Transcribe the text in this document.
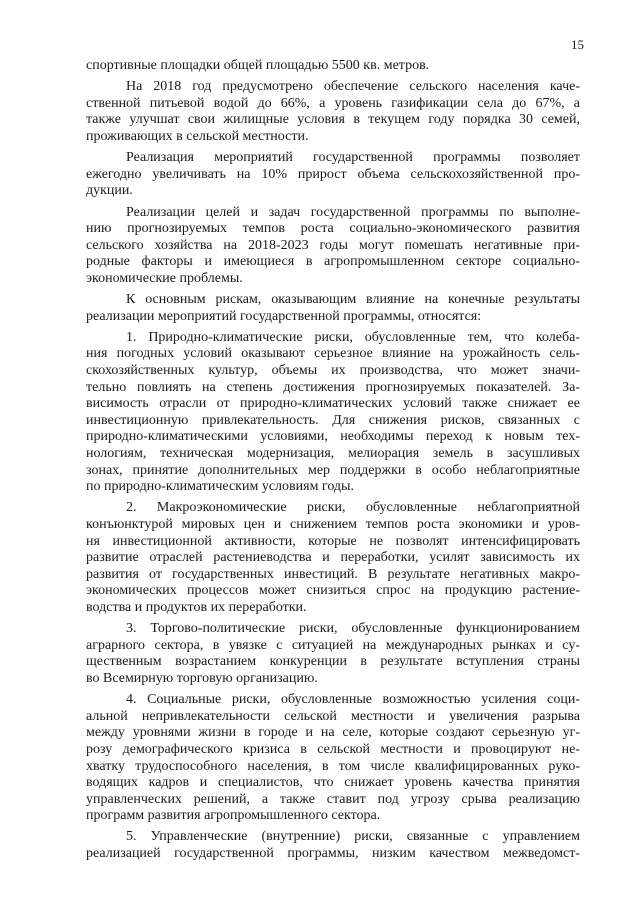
15
спортивные площадки общей площадью 5500 кв. метров.
На 2018 год предусмотрено обеспечение сельского населения каче-
ственной питьевой водой до 66%, а уровень газификации села до 67%, а
также улучшат свои жилищные условия в текущем году порядка 30 семей,
проживающих в сельской местности.
Реализация мероприятий государственной программы позволяет
ежегодно увеличивать на 10% прирост объема сельскохозяйственной про-
дукции.
Реализации целей и задач государственной программы по выполне-
нию прогнозируемых темпов роста социально-экономического развития
сельского хозяйства на 2018-2023 годы могут помешать негативные при-
родные факторы и имеющиеся в агропромышленном секторе социально-
экономические проблемы.
К основным рискам, оказывающим влияние на конечные результаты
реализации мероприятий государственной программы, относятся:
1. Природно-климатические риски, обусловленные тем, что колеба-
ния погодных условий оказывают серьезное влияние на урожайность сель-
скохозяйственных культур, объемы их производства, что может значи-
тельно повлиять на степень достижения прогнозируемых показателей. За-
висимость отрасли от природно-климатических условий также снижает ее
инвестиционную привлекательность. Для снижения рисков, связанных с
природно-климатическими условиями, необходимы переход к новым тех-
нологиям, техническая модернизация, мелиорация земель в засушливых
зонах, принятие дополнительных мер поддержки в особо неблагоприятные
по природно-климатическим условиям годы.
2. Макроэкономические риски, обусловленные неблагоприятной
конъюнктурой мировых цен и снижением темпов роста экономики и уров-
ня инвестиционной активности, которые не позволят интенсифицировать
развитие отраслей растениеводства и переработки, усилят зависимость их
развития от государственных инвестиций. В результате негативных макро-
экономических процессов может снизиться спрос на продукцию растение-
водства и продуктов их переработки.
3. Торгово-политические риски, обусловленные функционированием
аграрного сектора, в увязке с ситуацией на международных рынках и су-
щественным возрастанием конкуренции в результате вступления страны
во Всемирную торговую организацию.
4. Социальные риски, обусловленные возможностью усиления соци-
альной непривлекательности сельской местности и увеличения разрыва
между уровнями жизни в городе и на селе, которые создают серьезную уг-
розу демографического кризиса в сельской местности и провоцируют не-
хватку трудоспособного населения, в том числе квалифицированных руко-
водящих кадров и специалистов, что снижает уровень качества принятия
управленческих решений, а также ставит под угрозу срыва реализацию
программ развития агропромышленного сектора.
5. Управленческие (внутренние) риски, связанные с управлением
реализацией государственной программы, низким качеством межведомст-
